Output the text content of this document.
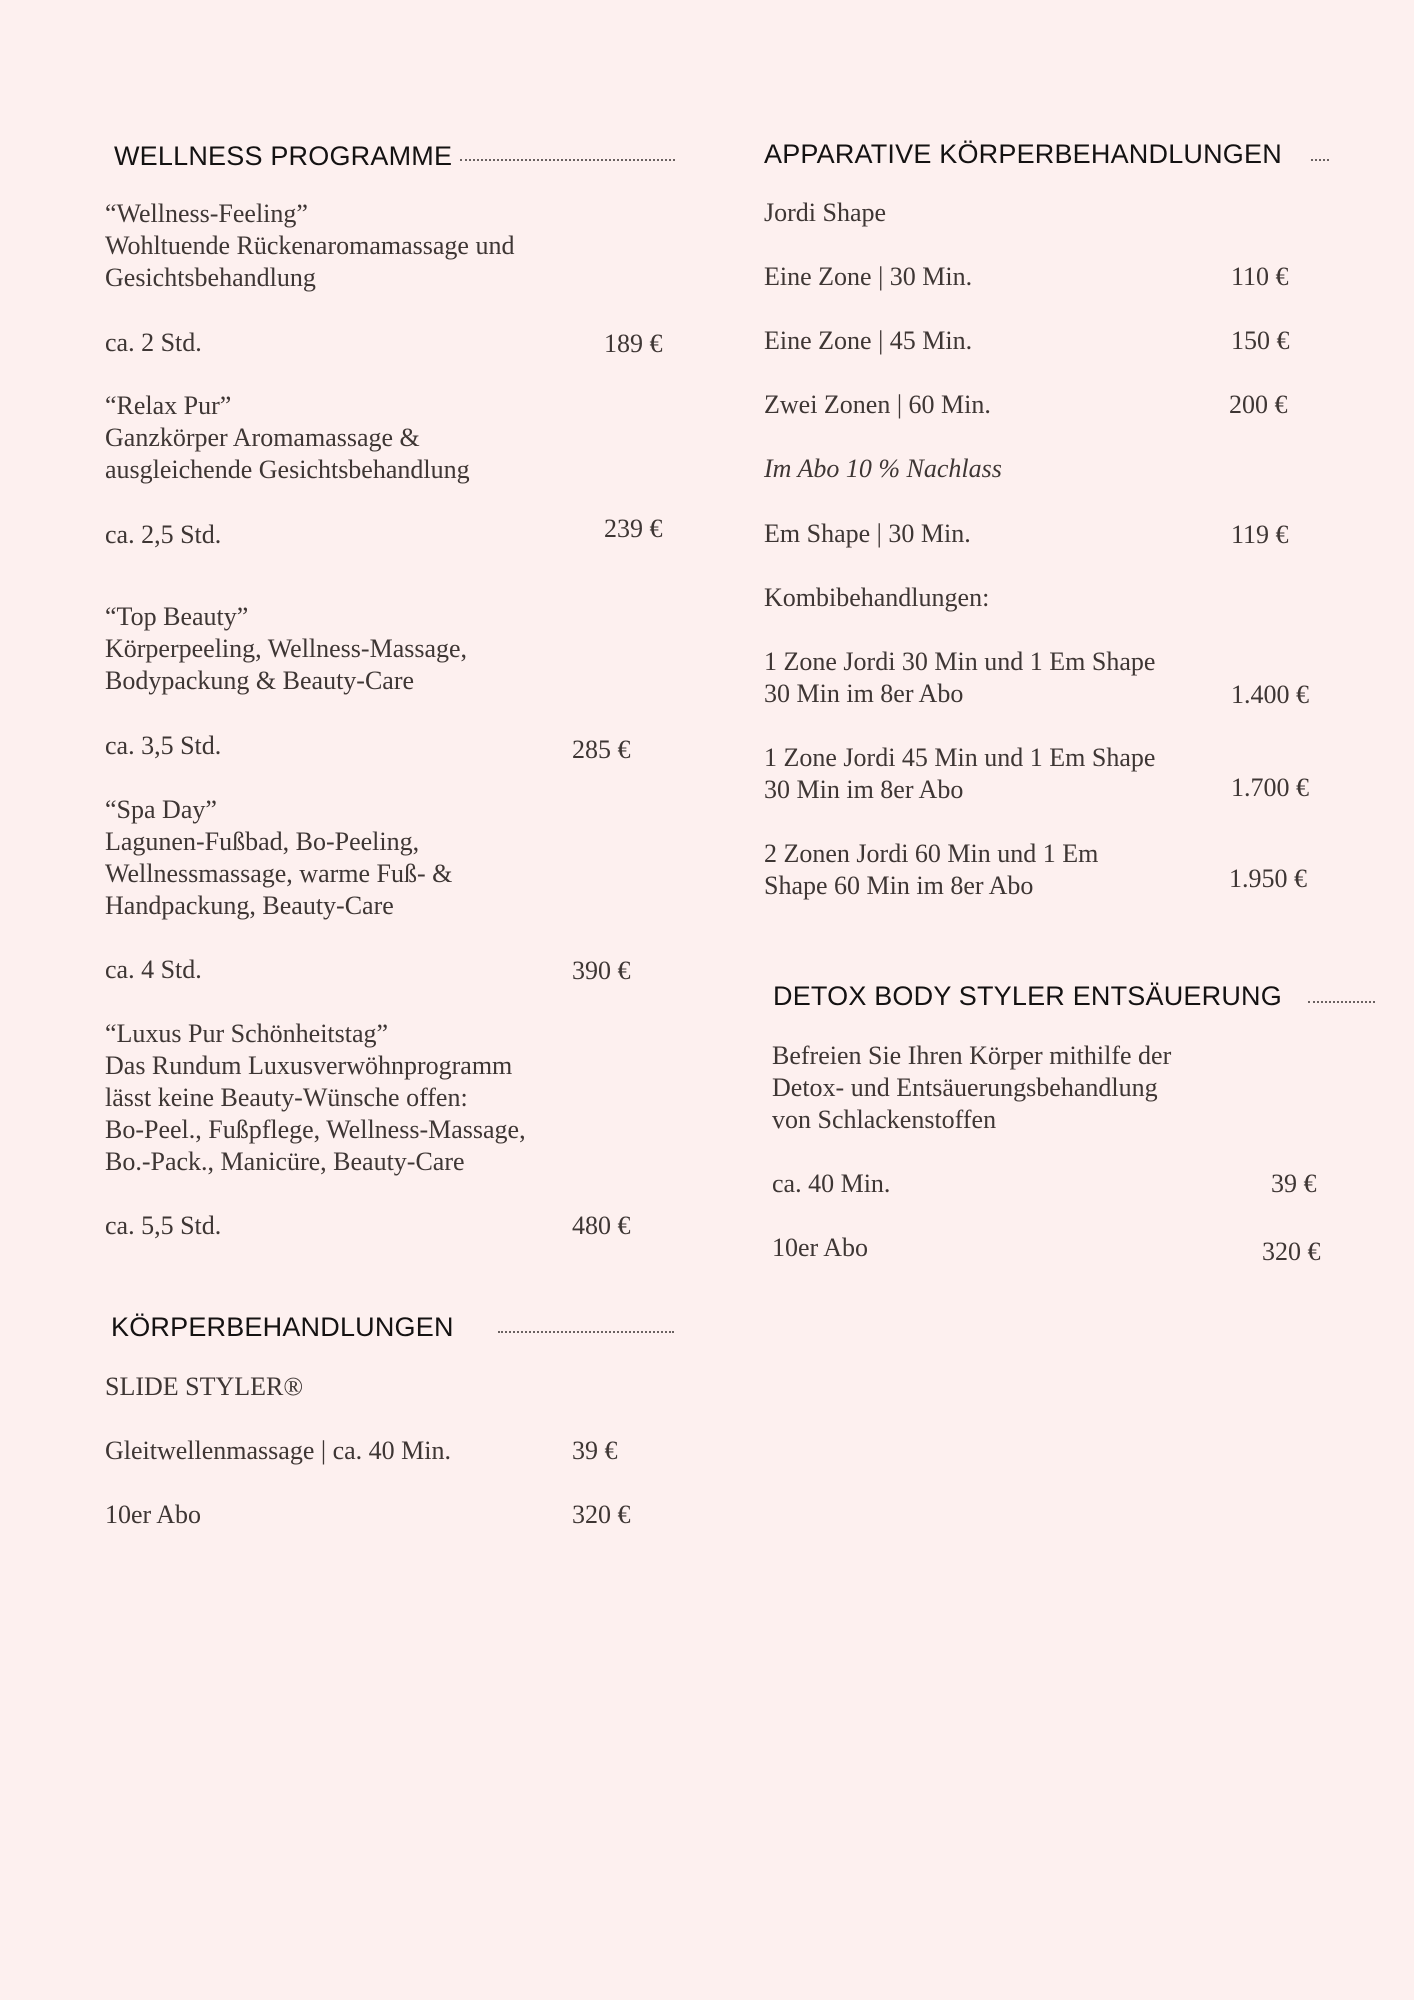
WELLNESS PROGRAMME
“Wellness-Feeling”
Wohltuende Rückenaromamassage und
Gesichtsbehandlung
ca. 2 Std.	189 €
“Relax Pur”
Ganzkörper Aromamassage &
ausgleichende Gesichtsbehandlung
ca. 2,5 Std.	239 €
“Top Beauty”
Körperpeeling, Wellness-Massage,
Bodypackung & Beauty-Care
ca. 3,5 Std.	285 €
“Spa Day”
Lagunen-Fußbad, Bo-Peeling,
Wellnessmassage, warme Fuß- &
Handpackung, Beauty-Care
ca. 4 Std.	390 €
“Luxus Pur Schönheitstag”
Das Rundum Luxusverwöhnprogramm
lässt keine Beauty-Wünsche offen:
Bo-Peel., Fußpflege, Wellness-Massage,
Bo.-Pack., Manicüre, Beauty-Care
ca. 5,5 Std.	480 €
KÖRPERBEHANDLUNGEN
SLIDE STYLER®
Gleitwellenmassage | ca. 40 Min.	39 €
10er Abo	320 €
APPARATIVE KÖRPERBEHANDLUNGEN
Jordi Shape
Eine Zone | 30 Min.	110 €
Eine Zone | 45 Min.	150 €
Zwei Zonen | 60 Min.	200 €
Im Abo 10 % Nachlass
Em Shape | 30 Min.	119 €
Kombibehandlungen:
1 Zone Jordi 30 Min und 1 Em Shape
30 Min im 8er Abo	1.400 €
1 Zone Jordi 45 Min und 1 Em Shape
30 Min im 8er Abo	1.700 €
2 Zonen Jordi 60 Min und 1 Em
Shape 60 Min im 8er Abo	1.950 €
DETOX BODY STYLER ENTSÄUERUNG
Befreien Sie Ihren Körper mithilfe der
Detox- und Entsäuerungsbehandlung
von Schlackenstoffen
ca. 40 Min.	39 €
10er Abo	320 €
